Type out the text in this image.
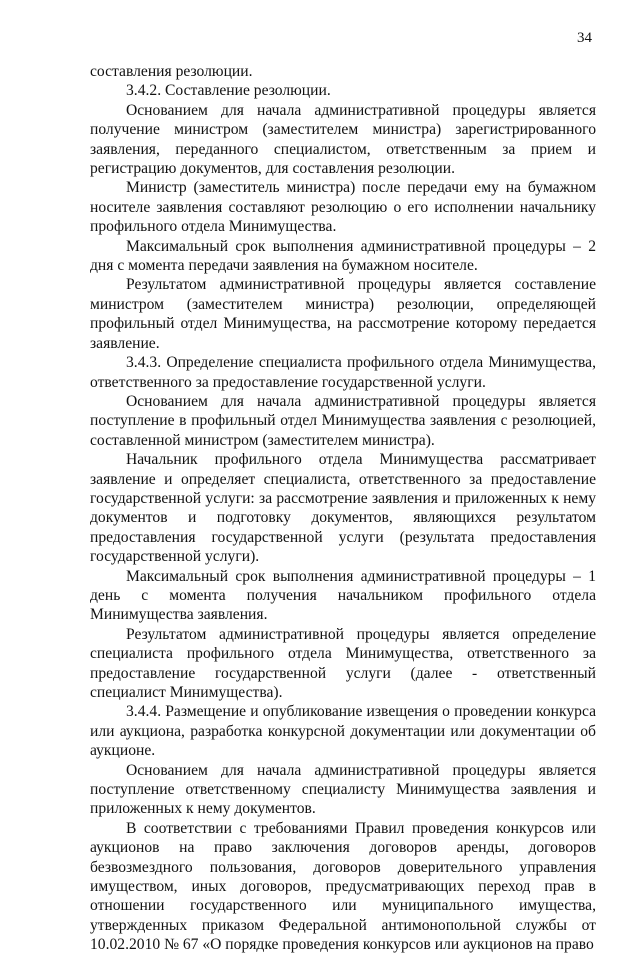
34

составления резолюции.

3.4.2. Составление резолюции.

Основанием для начала административной процедуры является получение министром (заместителем министра) зарегистрированного заявления, переданного специалистом, ответственным за прием и регистрацию документов, для составления резолюции.

Министр (заместитель министра) после передачи ему на бумажном носителе заявления составляют резолюцию о его исполнении начальнику профильного отдела Минимущества.

Максимальный срок выполнения административной процедуры – 2 дня с момента передачи заявления на бумажном носителе.

Результатом административной процедуры является составление министром (заместителем министра) резолюции, определяющей профильный отдел Минимущества, на рассмотрение которому передается заявление.

3.4.3. Определение специалиста профильного отдела Минимущества, ответственного за предоставление государственной услуги.

Основанием для начала административной процедуры является поступление в профильный отдел Минимущества заявления с резолюцией, составленной министром (заместителем министра).

Начальник профильного отдела Минимущества рассматривает заявление и определяет специалиста, ответственного за предоставление государственной услуги: за рассмотрение заявления и приложенных к нему документов и подготовку документов, являющихся результатом предоставления государственной услуги (результата предоставления государственной услуги).

Максимальный срок выполнения административной процедуры – 1 день с момента получения начальником профильного отдела Минимущества заявления.

Результатом административной процедуры является определение специалиста профильного отдела Минимущества, ответственного за предоставление государственной услуги (далее - ответственный специалист Минимущества).

3.4.4. Размещение и опубликование извещения о проведении конкурса или аукциона, разработка конкурсной документации или документации об аукционе.

Основанием для начала административной процедуры является поступление ответственному специалисту Минимущества заявления и приложенных к нему документов.

В соответствии с требованиями Правил проведения конкурсов или аукционов на право заключения договоров аренды, договоров безвозмездного пользования, договоров доверительного управления имуществом, иных договоров, предусматривающих переход прав в отношении государственного или муниципального имущества, утвержденных приказом Федеральной антимонопольной службы от 10.02.2010 № 67 «О порядке проведения конкурсов или аукционов на право
